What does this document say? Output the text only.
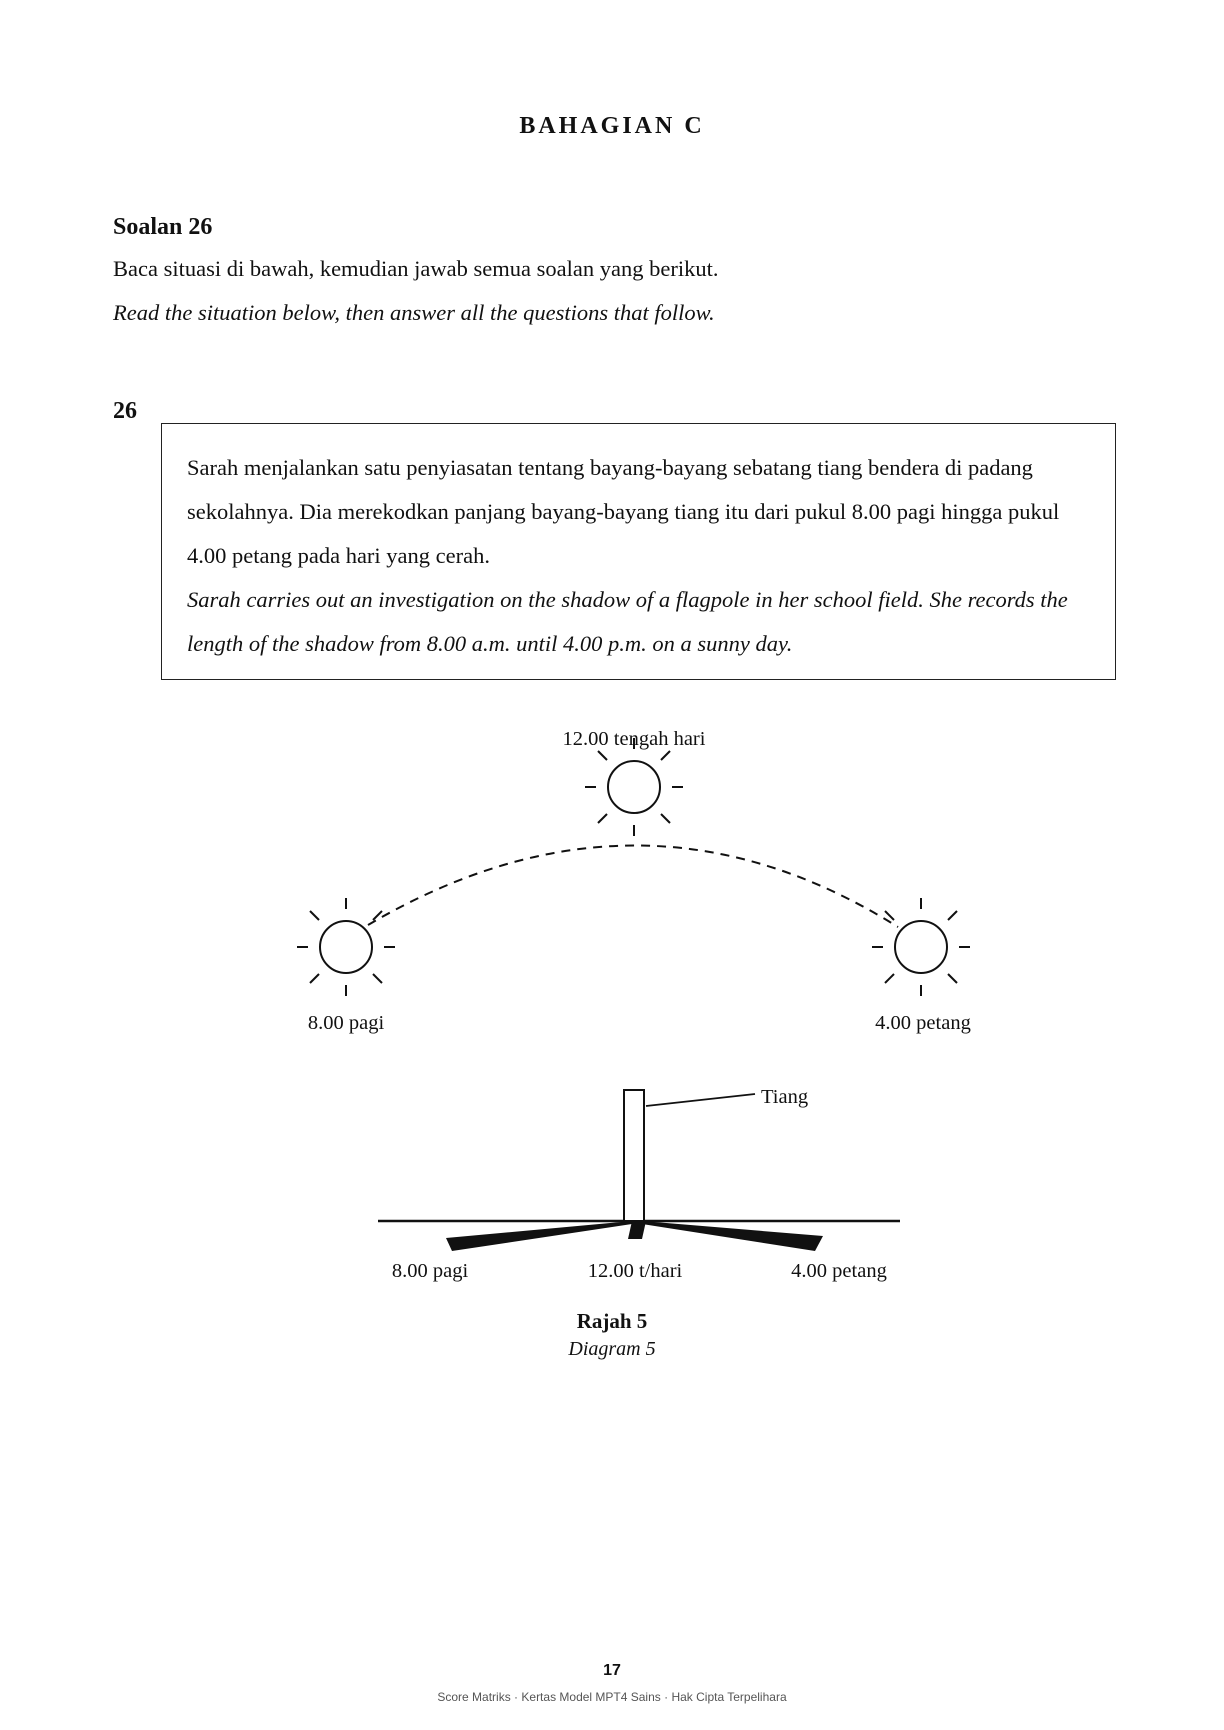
BAHAGIAN C
Soalan 26
Baca situasi di bawah, kemudian jawab semua soalan yang berikut.
Read the situation below, then answer all the questions that follow.
26

Sarah menjalankan satu penyiasatan tentang bayang-bayang sebatang tiang bendera di padang sekolahnya. Dia merekodkan panjang bayang-bayang tiang itu dari pukul 8.00 pagi hingga pukul 4.00 petang pada hari yang cerah.

Sarah carries out an investigation on the shadow of a flagpole in her school field. She records the length of the shadow from 8.00 a.m. until 4.00 p.m. on a sunny day.

12.00 tengah hari
8.00 pagi	4.00 petang
Tiang
8.00 pagi	12.00 t/hari	4.00 petang
Rajah 5
Diagram 5
17
Score Matriks · Kertas Model MPT4 Sains · Hak Cipta Terpelihara
